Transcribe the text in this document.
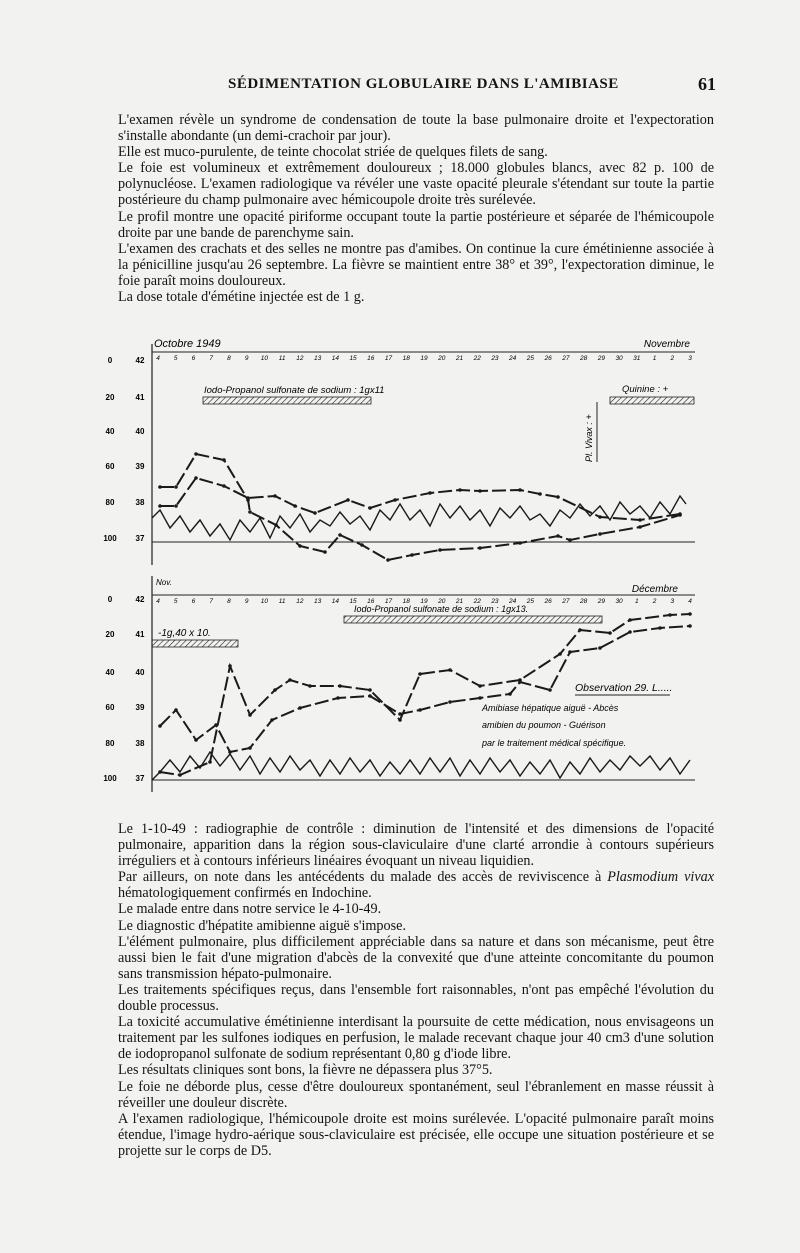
SÉDIMENTATION GLOBULAIRE DANS L'AMIBIASE	61

L'examen révèle un syndrome de condensation de toute la base pulmonaire droite et l'expectoration s'installe abondante (un demi-crachoir par jour).

Elle est muco-purulente, de teinte chocolat striée de quelques filets de sang.

Le foie est volumineux et extrêmement douloureux ; 18.000 globules blancs, avec 82 p. 100 de polynucléose. L'examen radiologique va révéler une vaste opacité pleurale s'étendant sur toute la partie postérieure du champ pulmonaire avec hémicoupole droite très surélevée.

Le profil montre une opacité piriforme occupant toute la partie postérieure et séparée de l'hémicoupole droite par une bande de parenchyme sain.

L'examen des crachats et des selles ne montre pas d'amibes. On continue la cure émétinienne associée à la pénicilline jusqu'au 26 septembre. La fièvre se maintient entre 38° et 39°, l'expectoration diminue, le foie paraît moins douloureux.

La dose totale d'émétine injectée est de 1 g.

0
20
40
60
80
100
42
41
40
39
38
37
Octobre 1949	Novembre
4 5 6 7 8 9 10 11 12 13 14 15 16 17 18 19 20 21 22 23 24 25 26 27 28 29 30 31 1 2 3
Iodo-Propanol sulfonate de sodium : 1gx11	Quinine : +
Pl. Vivax : +
0
20
40
60
80
100
42
41
40
39
38
37
Nov.
Décembre
4 5 6 7 8 9 10 11 12 13 14 15 16 17 18 19 20 21 22 23 24 25 26 27 28 29 30 1 2 3 4
Iodo-Propanol sulfonate de sodium : 1gx13.
-1g,40 x 10.
Observation 29. L.....
Amibiase hépatique aiguë - Abcès
amibien du poumon - Guérison
par le traitement médical spécifique.

Le 1-10-49 : radiographie de contrôle : diminution de l'intensité et des dimensions de l'opacité pulmonaire, apparition dans la région sous-claviculaire d'une clarté arrondie à contours supérieurs irréguliers et à contours inférieurs linéaires évoquant un niveau liquidien.

Par ailleurs, on note dans les antécédents du malade des accès de reviviscence à Plasmodium vivax hématologiquement confirmés en Indochine.

Le malade entre dans notre service le 4-10-49.

Le diagnostic d'hépatite amibienne aiguë s'impose.

L'élément pulmonaire, plus difficilement appréciable dans sa nature et dans son mécanisme, peut être aussi bien le fait d'une migration d'abcès de la convexité que d'une atteinte concomitante du poumon sans transmission hépato-pulmonaire.

Les traitements spécifiques reçus, dans l'ensemble fort raisonnables, n'ont pas empêché l'évolution du double processus.

La toxicité accumulative émétinienne interdisant la poursuite de cette médication, nous envisageons un traitement par les sulfones iodiques en perfusion, le malade recevant chaque jour 40 cm3 d'une solution de iodopropanol sulfonate de sodium représentant 0,80 g d'iode libre.

Les résultats cliniques sont bons, la fièvre ne dépassera plus 37°5.

Le foie ne déborde plus, cesse d'être douloureux spontanément, seul l'ébranlement en masse réussit à réveiller une douleur discrète.

A l'examen radiologique, l'hémicoupole droite est moins surélevée. L'opacité pulmonaire paraît moins étendue, l'image hydro-aérique sous-claviculaire est précisée, elle occupe une situation postérieure et se projette sur le corps de D5.
